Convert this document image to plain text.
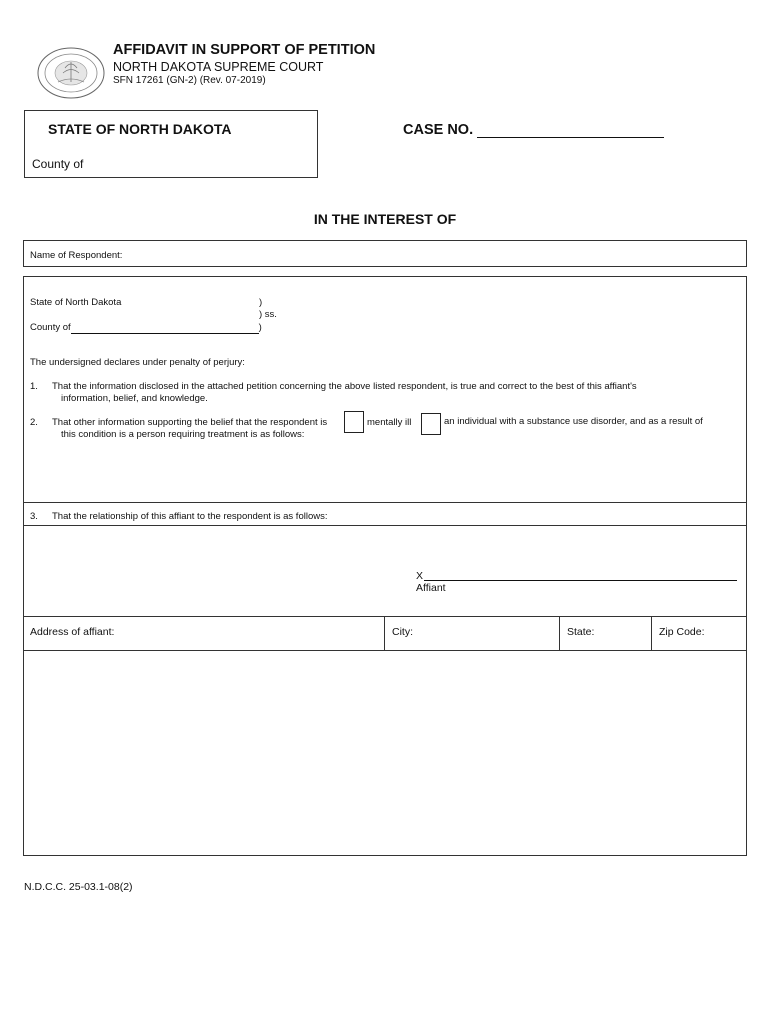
AFFIDAVIT IN SUPPORT OF PETITION
NORTH DAKOTA SUPREME COURT
SFN 17261 (GN-2) (Rev. 07-2019)
STATE OF NORTH DAKOTA
County of
CASE NO.
IN THE INTEREST OF
Name of Respondent:
State of North Dakota	)
) ss.
County of	)
The undersigned declares under penalty of perjury:
1. That the information disclosed in the attached petition concerning the above listed respondent, is true and correct to the best of this affiant's
information, belief, and knowledge.
2. That other information supporting the belief that the respondent is	mentally ill	an individual with a substance use disorder, and as a result of
this condition is a person requiring treatment is as follows:
3. That the relationship of this affiant to the respondent is as follows:
X
Affiant
Address of affiant:	City:	State:	Zip Code:
N.D.C.C. 25-03.1-08(2)
